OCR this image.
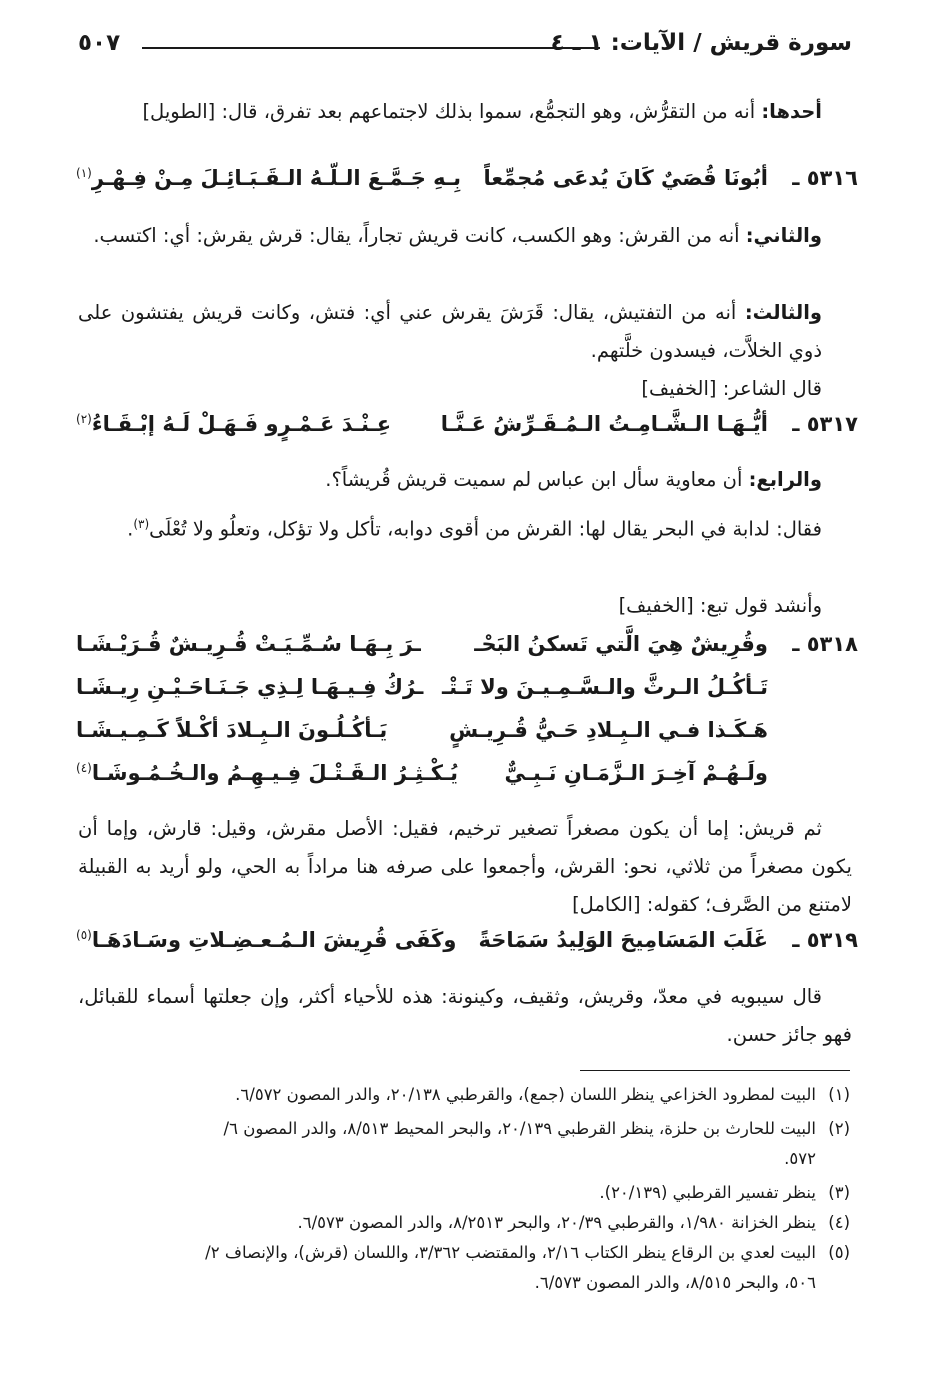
سورة قريش / الآيات: ١ ـ ٤
٥٠٧
أحدها: أنه من التقرُّش، وهو التجمُّع، سموا بذلك لاجتماعهم بعد تفرق، قال: [الطويل]
٥٣١٦ ـ
أبُونَا قُصَيٌ كَانَ يُدعَى مُجمِّعاً
بِـهِ جَـمَّـعَ الـلّـهُ الـقَـبَـائِـلَ مِـنْ فِـهْـرِ$^{(١)}$
والثاني: أنه من القرش: وهو الكسب، كانت قريش تجاراً، يقال: قرش يقرش: أي: اكتسب.
والثالث: أنه من التفتيش، يقال: قَرَشَ يقرش عني أي: فتش، وكانت قريش يفتشون على ذوي الخلاَّت، فيسدون خلَّتهم.
قال الشاعر: [الخفيف]
٥٣١٧ ـ
أيُّـهَـا الـشَّـامِـتُ الـمُـقَـرِّشُ عَـنَّـا
عِـنْـدَ عَـمْـرٍو فَـهَـلْ لَـهُ إبْـقَـاءُ$^{(٢)}$
والرابع: أن معاوية سأل ابن عباس لم سميت قريش قُريشاً؟.
فقال: لدابة في البحر يقال لها: القرش من أقوى دوابه، تأكل ولا تؤكل، وتعلُو ولا تُعْلَى$^{(٣)}$.
وأنشد قول تبع: [الخفيف]
٥٣١٨ ـ
وقُرِيشٌ هِيَ الَّتي تَسكنُ البَحْـ
ـرَ بِـهَـا سُـمِّـيَـتْ قُـرِيـشٌ قُـرَيْـشَـا
تَـأكُـلُ الـرثَّ والـسَّـمِـيـنَ ولا تَـتْـ
ـرُكُ فِـيـهَـا لِـذِي جَـنَـاحَـيْـنِ رِيـشَـا
هَـكَـذا فـي الـبِـلادِ حَـيُّ قُـرِيـشٍ
يَـأكُـلُـونَ الـبِـلادَ أكْـلاً كَـمِـيـشَـا
ولَـهُـمْ آخِـرَ الـزَّمَـانِ نَـبِـيٌّ
يُـكْـثِـرُ الـقَـتْـلَ فِـيـهِـمُ والـخُـمُـوشَـا$^{(٤)}$
ثم قريش: إما أن يكون مصغراً تصغير ترخيم، فقيل: الأصل مقرش، وقيل: قارش، وإما أن يكون مصغراً من ثلاثي، نحو: القرش، وأجمعوا على صرفه هنا مراداً به الحي، ولو أريد به القبيلة لامتنع من الصَّرف؛ كقوله: [الكامل]
٥٣١٩ ـ
غَلَبَ المَسَامِيحَ الوَلِيدُ سَمَاحَةً
وكَفَى قُرِيشَ الـمُـعـضِـلاتِ وسَـادَهَـا$^{(٥)}$
قال سيبويه في معدّ، وقريش، وثقيف، وكينونة: هذه للأحياء أكثر، وإن جعلتها أسماء للقبائل، فهو جائز حسن.
(١)البيت لمطرود الخزاعي ينظر اللسان (جمع)، والقرطبي ٢٠/١٣٨، والدر المصون ٦/٥٧٢.
(٢)البيت للحارث بن حلزة، ينظر القرطبي ٢٠/١٣٩، والبحر المحيط ٨/٥١٣، والدر المصون ٦/
٥٧٢.
(٣)ينظر تفسير القرطبي (٢٠/١٣٩).
(٤)ينظر الخزانة ١/٩٨٠، والقرطبي ٢٠/٣٩، والبحر ٨/٢٥١٣، والدر المصون ٦/٥٧٣.
(٥)البيت لعدي بن الرقاع ينظر الكتاب ٢/١٦، والمقتضب ٣/٣٦٢، واللسان (قرش)، والإنصاف ٢/
٥٠٦، والبحر ٨/٥١٥، والدر المصون ٦/٥٧٣.
